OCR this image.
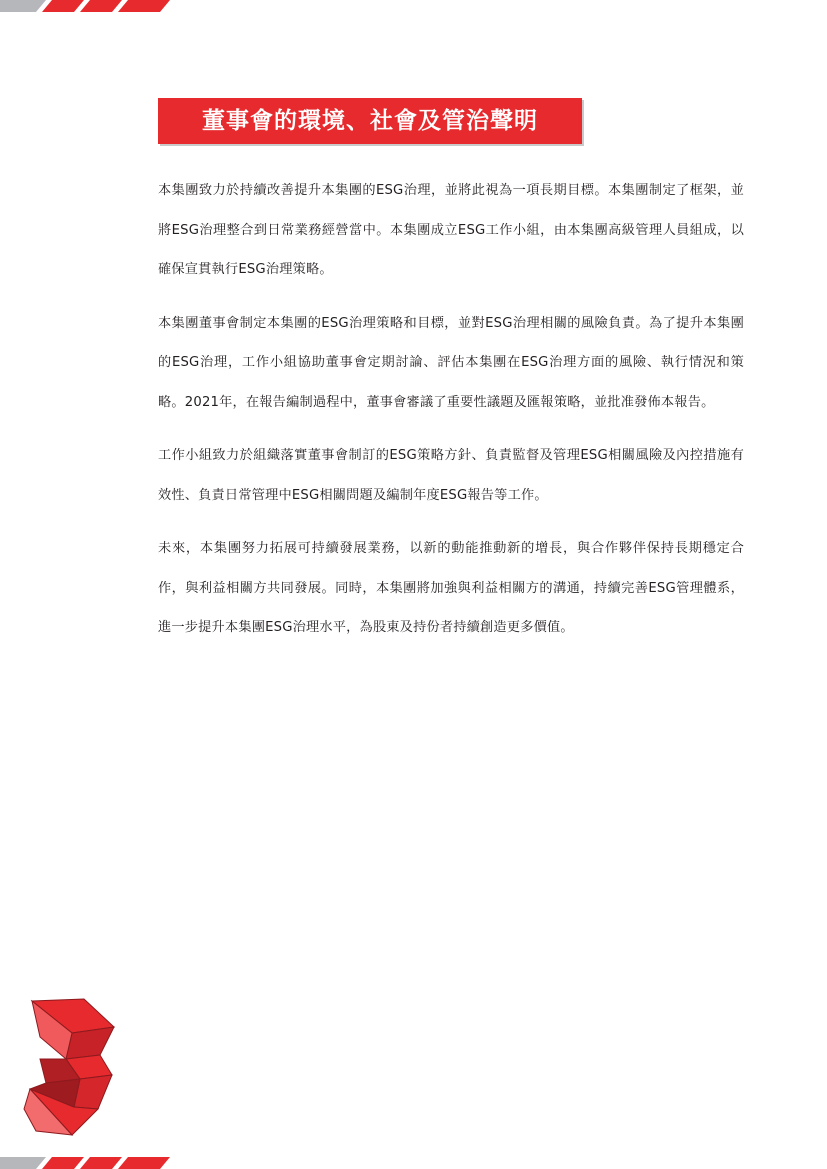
董事會的環境、社會及管治聲明

本集團致力於持續改善提升本集團的ESG治理，並將此視為一項長期目標。本集團制定了框架，並將ESG治理整合到日常業務經營當中。本集團成立ESG工作小組，由本集團高級管理人員組成，以確保宣貫執行ESG治理策略。

本集團董事會制定本集團的ESG治理策略和目標，並對ESG治理相關的風險負責。為了提升本集團的ESG治理，工作小組協助董事會定期討論、評估本集團在ESG治理方面的風險、執行情況和策略。2021年，在報告編制過程中，董事會審議了重要性議題及匯報策略，並批准發佈本報告。

工作小組致力於組織落實董事會制訂的ESG策略方針、負責監督及管理ESG相關風險及內控措施有效性、負責日常管理中ESG相關問題及編制年度ESG報告等工作。

未來，本集團努力拓展可持續發展業務，以新的動能推動新的增長，與合作夥伴保持長期穩定合作，與利益相關方共同發展。同時，本集團將加強與利益相關方的溝通，持續完善ESG管理體系，進一步提升本集團ESG治理水平，為股東及持份者持續創造更多價值。
